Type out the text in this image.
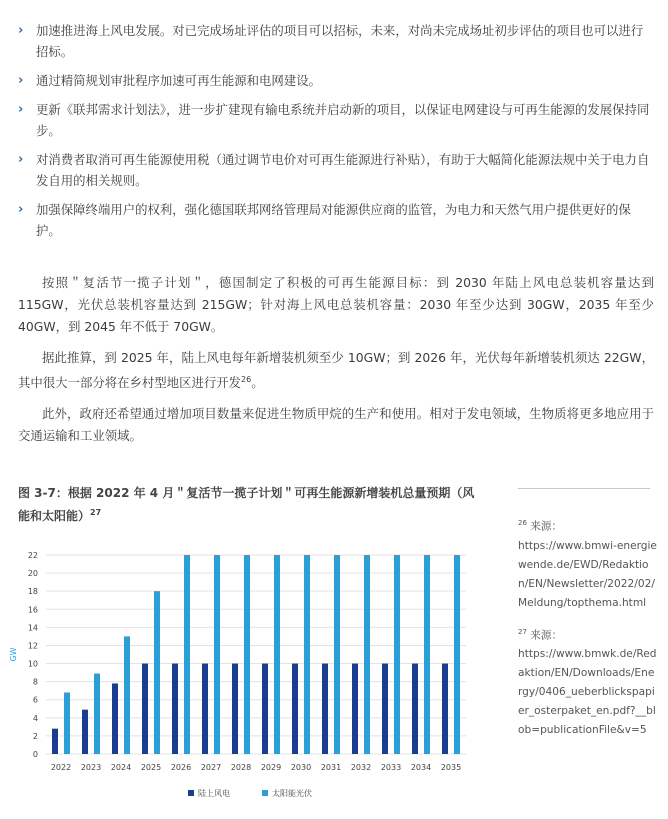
› 加速推进海上风电发展。对已完成场址评估的项目可以招标，未来，对尚未完成场址初步评估的项目也可以进行招标。
› 通过精简规划审批程序加速可再生能源和电网建设。
› 更新《联邦需求计划法》，进一步扩建现有输电系统并启动新的项目，以保证电网建设与可再生能源的发展保持同步。
› 对消费者取消可再生能源使用税（通过调节电价对可再生能源进行补贴），有助于大幅简化能源法规中关于电力自发自用的相关规则。
› 加强保障终端用户的权利，强化德国联邦网络管理局对能源供应商的监管，为电力和天然气用户提供更好的保护。

按照＂复活节一揽子计划＂，德国制定了积极的可再生能源目标：到 2030 年陆上风电总装机容量达到 115GW，光伏总装机容量达到 215GW；针对海上风电总装机容量：2030 年至少达到 30GW，2035 年至少 40GW，到 2045 年不低于 70GW。

据此推算，到 2025 年，陆上风电每年新增装机须至少 10GW；到 2026 年，光伏每年新增装机须达 22GW，其中很大一部分将在乡村型地区进行开发$^{26}$。

此外，政府还希望通过增加项目数量来促进生物质甲烷的生产和使用。相对于发电领域，生物质将更多地应用于交通运输和工业领域。

图 3-7：根据 2022 年 4 月＂复活节一揽子计划＂可再生能源新增装机总量预期（风能和太阳能）$^{27}$
$^{26}$ 来源：
https://www.bmwi-energiewende.de/EWD/Redaktion/EN/Newsletter/2022/02/Meldung/topthema.html
$^{27}$ 来源：
https://www.bmwk.de/Redaktion/EN/Downloads/Energy/0406_ueberblickspapier_osterpaket_en.pdf?__blob=publicationFile&v=5
0
2
4
6
8
10
12
14
16
18
20
22
GW
2022 2023 2024 2025 2026 2027 2028 2029 2030 2031 2032 2033 2034 2035
陆上风电	太阳能光伏
